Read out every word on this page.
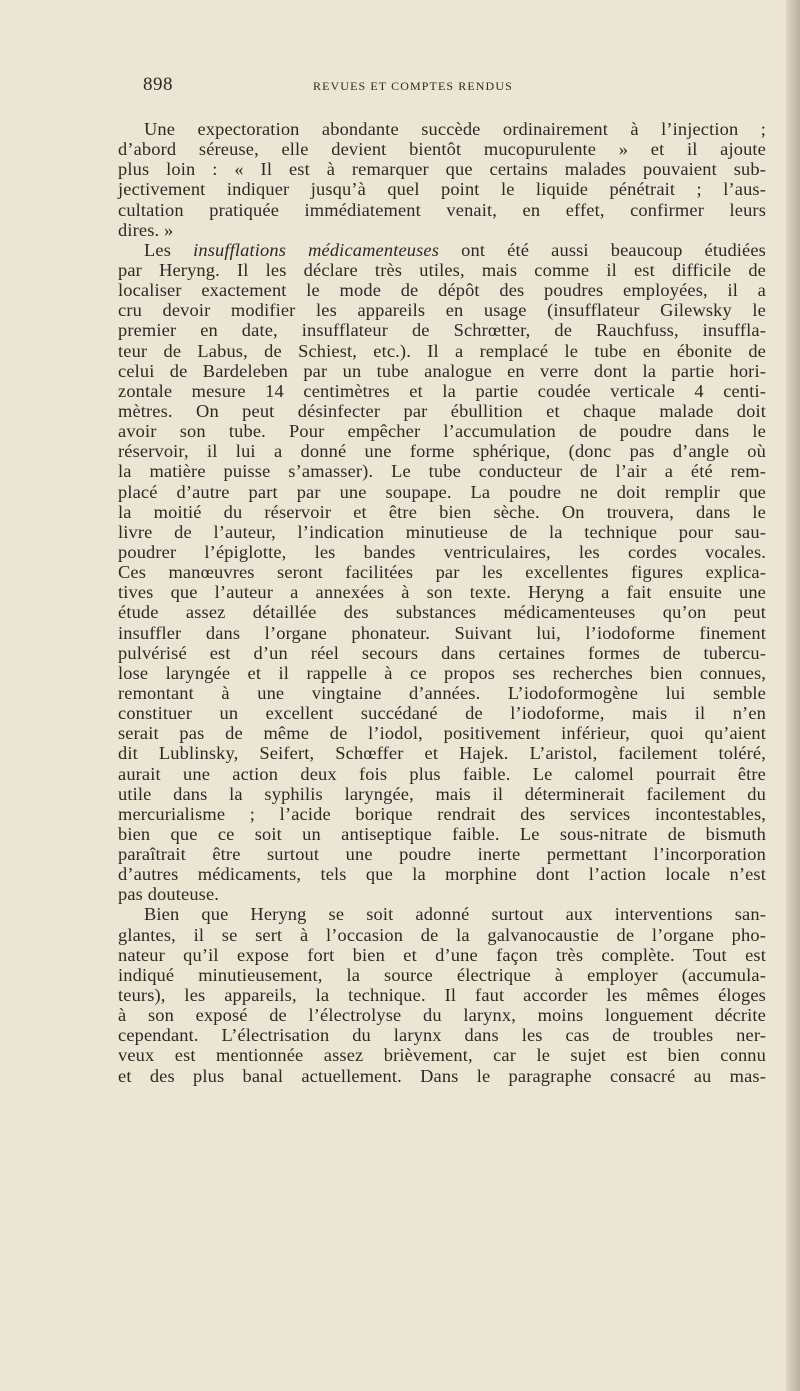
898	REVUES ET COMPTES RENDUS
Une expectoration abondante succède ordinairement à l’injection ;
d’abord séreuse, elle devient bientôt mucopurulente » et il ajoute
plus loin : « Il est à remarquer que certains malades pouvaient sub-
jectivement indiquer jusqu’à quel point le liquide pénétrait ; l’aus-
cultation pratiquée immédiatement venait, en effet, confirmer leurs
dires. »
Les insufflations médicamenteuses ont été aussi beaucoup étudiées
par Heryng. Il les déclare très utiles, mais comme il est difficile de
localiser exactement le mode de dépôt des poudres employées, il a
cru devoir modifier les appareils en usage (insufflateur Gilewsky le
premier en date, insufflateur de Schrœtter, de Rauchfuss, insuffla-
teur de Labus, de Schiest, etc.). Il a remplacé le tube en ébonite de
celui de Bardeleben par un tube analogue en verre dont la partie hori-
zontale mesure 14 centimètres et la partie coudée verticale 4 centi-
mètres. On peut désinfecter par ébullition et chaque malade doit
avoir son tube. Pour empêcher l’accumulation de poudre dans le
réservoir, il lui a donné une forme sphérique, (donc pas d’angle où
la matière puisse s’amasser). Le tube conducteur de l’air a été rem-
placé d’autre part par une soupape. La poudre ne doit remplir que
la moitié du réservoir et être bien sèche. On trouvera, dans le
livre de l’auteur, l’indication minutieuse de la technique pour sau-
poudrer l’épiglotte, les bandes ventriculaires, les cordes vocales.
Ces manœuvres seront facilitées par les excellentes figures explica-
tives que l’auteur a annexées à son texte. Heryng a fait ensuite une
étude assez détaillée des substances médicamenteuses qu’on peut
insuffler dans l’organe phonateur. Suivant lui, l’iodoforme finement
pulvérisé est d’un réel secours dans certaines formes de tubercu-
lose laryngée et il rappelle à ce propos ses recherches bien connues,
remontant à une vingtaine d’années. L’iodoformogène lui semble
constituer un excellent succédané de l’iodoforme, mais il n’en
serait pas de même de l’iodol, positivement inférieur, quoi qu’aient
dit Lublinsky, Seifert, Schœffer et Hajek. L’aristol, facilement toléré,
aurait une action deux fois plus faible. Le calomel pourrait être
utile dans la syphilis laryngée, mais il déterminerait facilement du
mercurialisme ; l’acide borique rendrait des services incontestables,
bien que ce soit un antiseptique faible. Le sous-nitrate de bismuth
paraîtrait être surtout une poudre inerte permettant l’incorporation
d’autres médicaments, tels que la morphine dont l’action locale n’est
pas douteuse.
Bien que Heryng se soit adonné surtout aux interventions san-
glantes, il se sert à l’occasion de la galvanocaustie de l’organe pho-
nateur qu’il expose fort bien et d’une façon très complète. Tout est
indiqué minutieusement, la source électrique à employer (accumula-
teurs), les appareils, la technique. Il faut accorder les mêmes éloges
à son exposé de l’électrolyse du larynx, moins longuement décrite
cependant. L’électrisation du larynx dans les cas de troubles ner-
veux est mentionnée assez brièvement, car le sujet est bien connu
et des plus banal actuellement. Dans le paragraphe consacré au mas-
